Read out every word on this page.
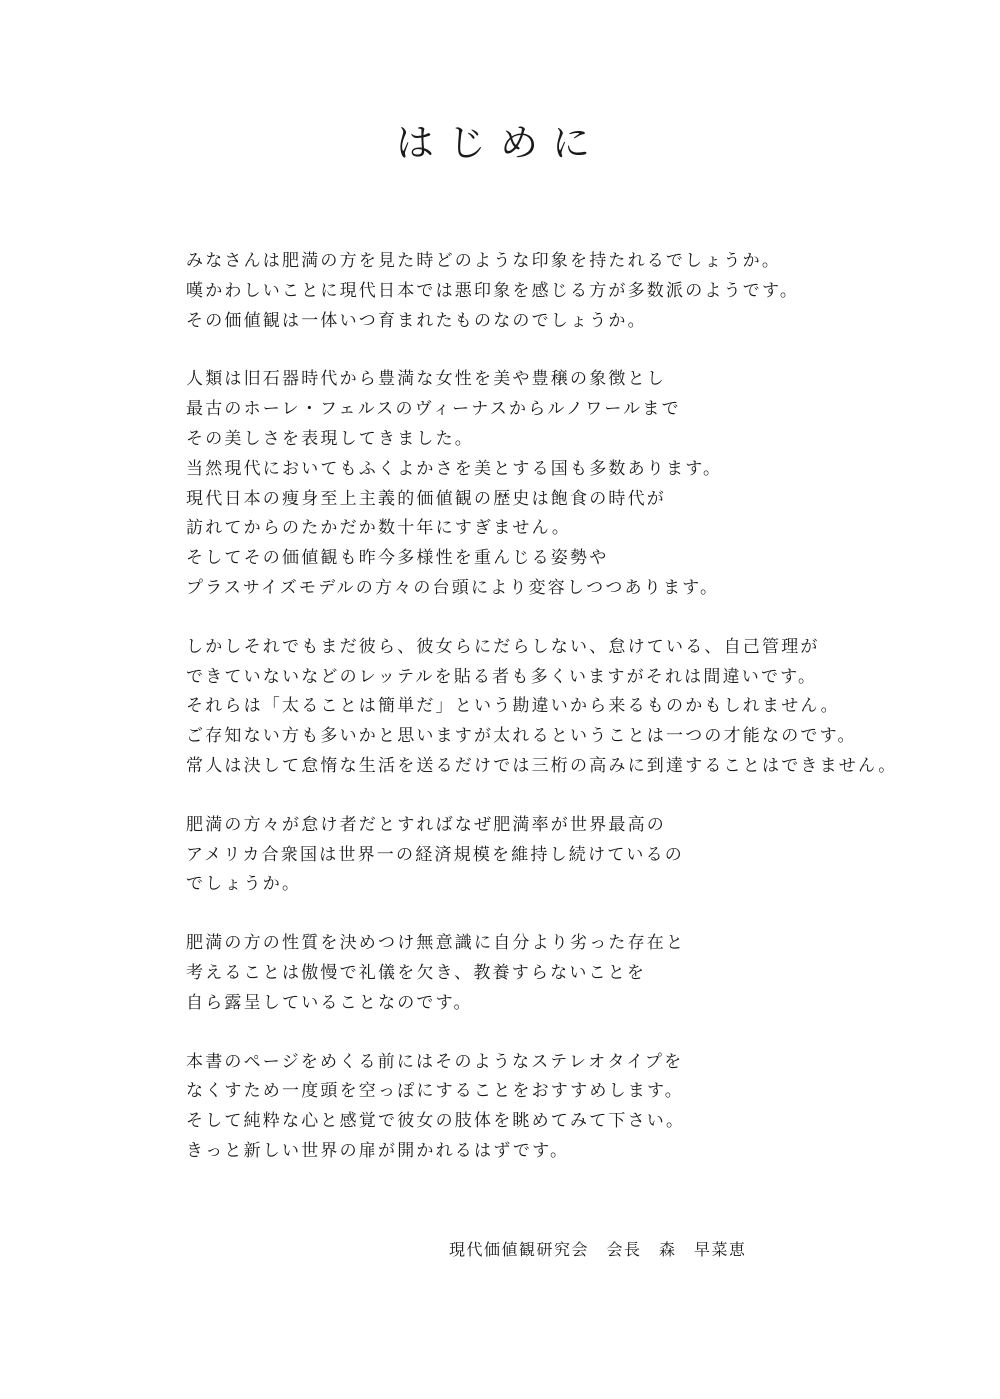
はじめに
みなさんは肥満の方を見た時どのような印象を持たれるでしょうか。
嘆かわしいことに現代日本では悪印象を感じる方が多数派のようです。
その価値観は一体いつ育まれたものなのでしょうか。
人類は旧石器時代から豊満な女性を美や豊穣の象徴とし
最古のホーレ・フェルスのヴィーナスからルノワールまで
その美しさを表現してきました。
当然現代においてもふくよかさを美とする国も多数あります。
現代日本の痩身至上主義的価値観の歴史は飽食の時代が
訪れてからのたかだか数十年にすぎません。
そしてその価値観も昨今多様性を重んじる姿勢や
プラスサイズモデルの方々の台頭により変容しつつあります。
しかしそれでもまだ彼ら、彼女らにだらしない、怠けている、自己管理が
できていないなどのレッテルを貼る者も多くいますがそれは間違いです。
それらは「太ることは簡単だ」という勘違いから来るものかもしれません。
ご存知ない方も多いかと思いますが太れるということは一つの才能なのです。
常人は決して怠惰な生活を送るだけでは三桁の高みに到達することはできません。
肥満の方々が怠け者だとすればなぜ肥満率が世界最高の
アメリカ合衆国は世界一の経済規模を維持し続けているの
でしょうか。
肥満の方の性質を決めつけ無意識に自分より劣った存在と
考えることは傲慢で礼儀を欠き、教養すらないことを
自ら露呈していることなのです。
本書のページをめくる前にはそのようなステレオタイプを
なくすため一度頭を空っぽにすることをおすすめします。
そして純粋な心と感覚で彼女の肢体を眺めてみて下さい。
きっと新しい世界の扉が開かれるはずです。
現代価値観研究会　会長　森　早菜恵
